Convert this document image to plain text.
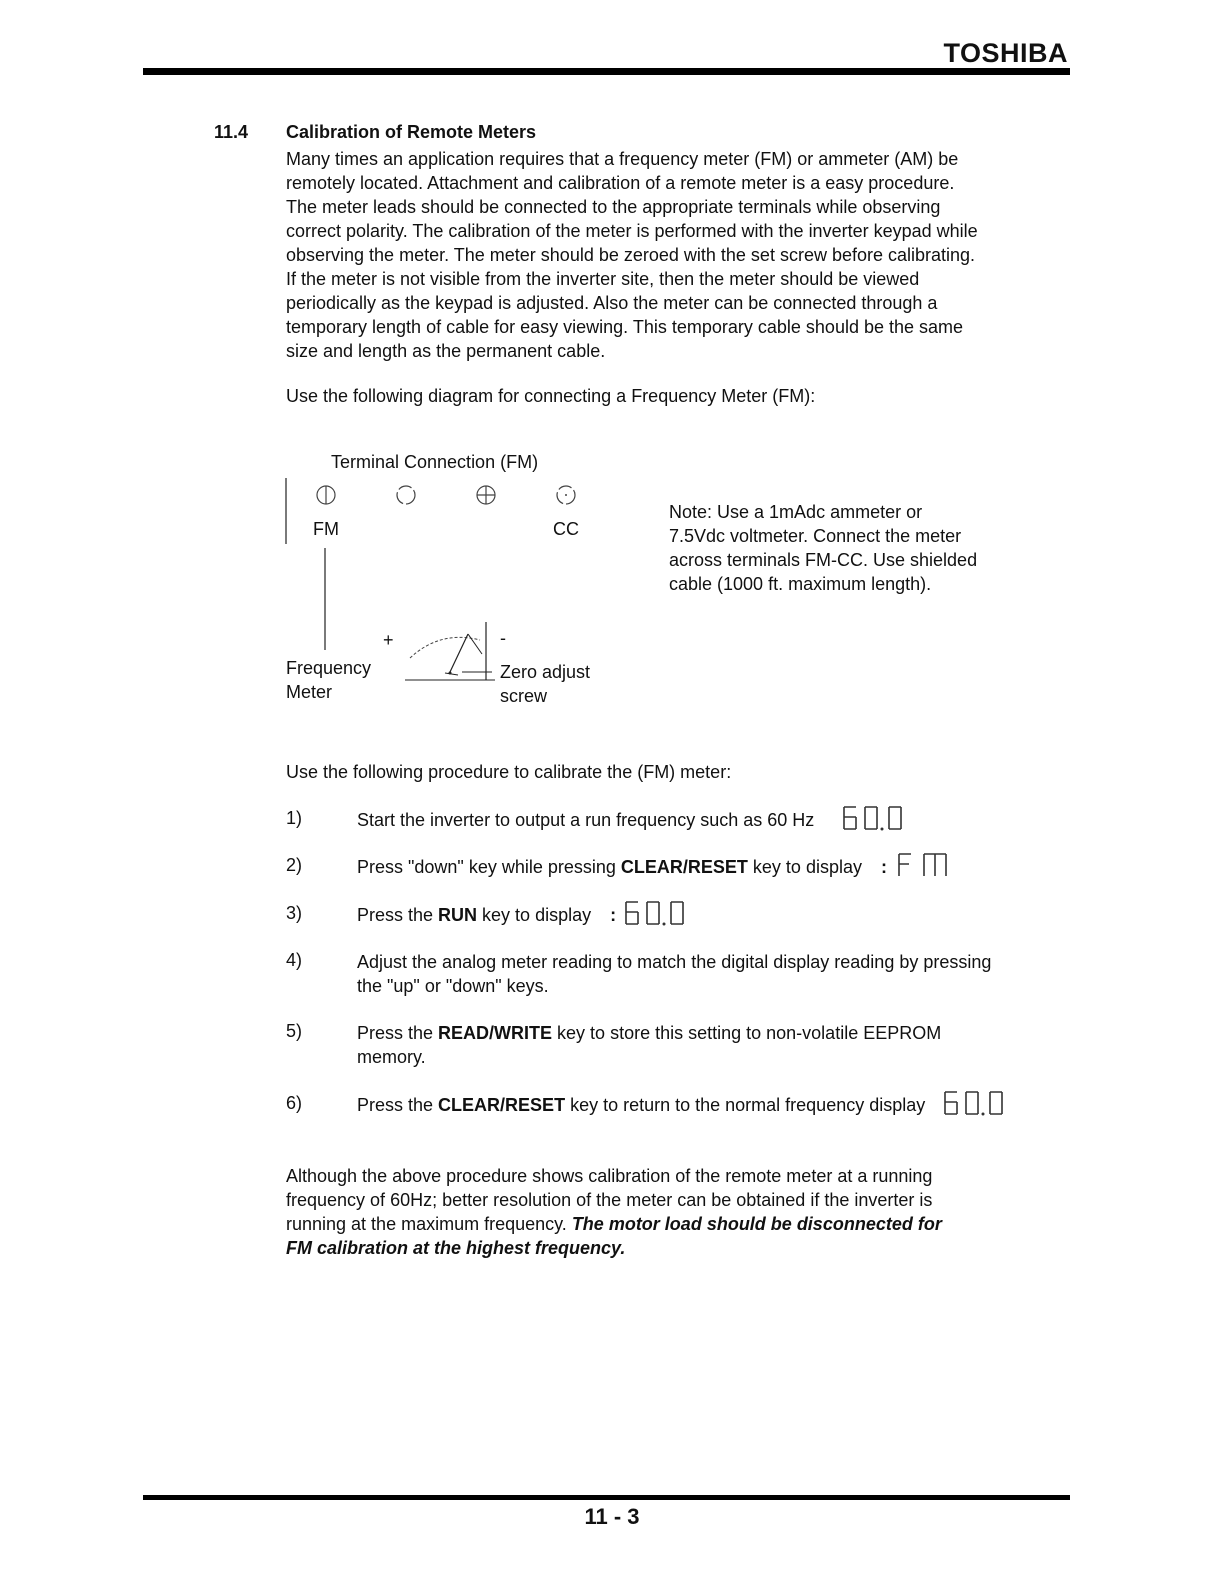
TOSHIBA
11.4 Calibration of Remote Meters
Many times an application requires that a frequency meter (FM) or ammeter (AM) be
remotely located. Attachment and calibration of a remote meter is a easy procedure.
The meter leads should be connected to the appropriate terminals while observing
correct polarity. The calibration of the meter is performed with the inverter keypad while
observing the meter. The meter should be zeroed with the set screw before calibrating.
If the meter is not visible from the inverter site, then the meter should be viewed
periodically as the keypad is adjusted. Also the meter can be connected through a
temporary length of cable for easy viewing. This temporary cable should be the same
size and length as the permanent cable.
Use the following diagram for connecting a Frequency Meter (FM):
Terminal Connection (FM)
FM	CC
+	-
Frequency
Meter
Zero adjust
screw
Note: Use a 1mAdc ammeter or
7.5Vdc voltmeter. Connect the meter
across terminals FM-CC. Use shielded
cable (1000 ft. maximum length).
Use the following procedure to calibrate the (FM) meter:
1)	Start the inverter to output a run frequency such as 60 Hz
2)	Press "down" key while pressing CLEAR/RESET key to display :
3)	Press the RUN key to display :
4)	Adjust the analog meter reading to match the digital display reading by pressing
the "up" or "down" keys.
5)	Press the READ/WRITE key to store this setting to non-volatile EEPROM
memory.
6)	Press the CLEAR/RESET key to return to the normal frequency display
Although the above procedure shows calibration of the remote meter at a running
frequency of 60Hz; better resolution of the meter can be obtained if the inverter is
running at the maximum frequency. The motor load should be disconnected for
FM calibration at the highest frequency.
11 - 3
